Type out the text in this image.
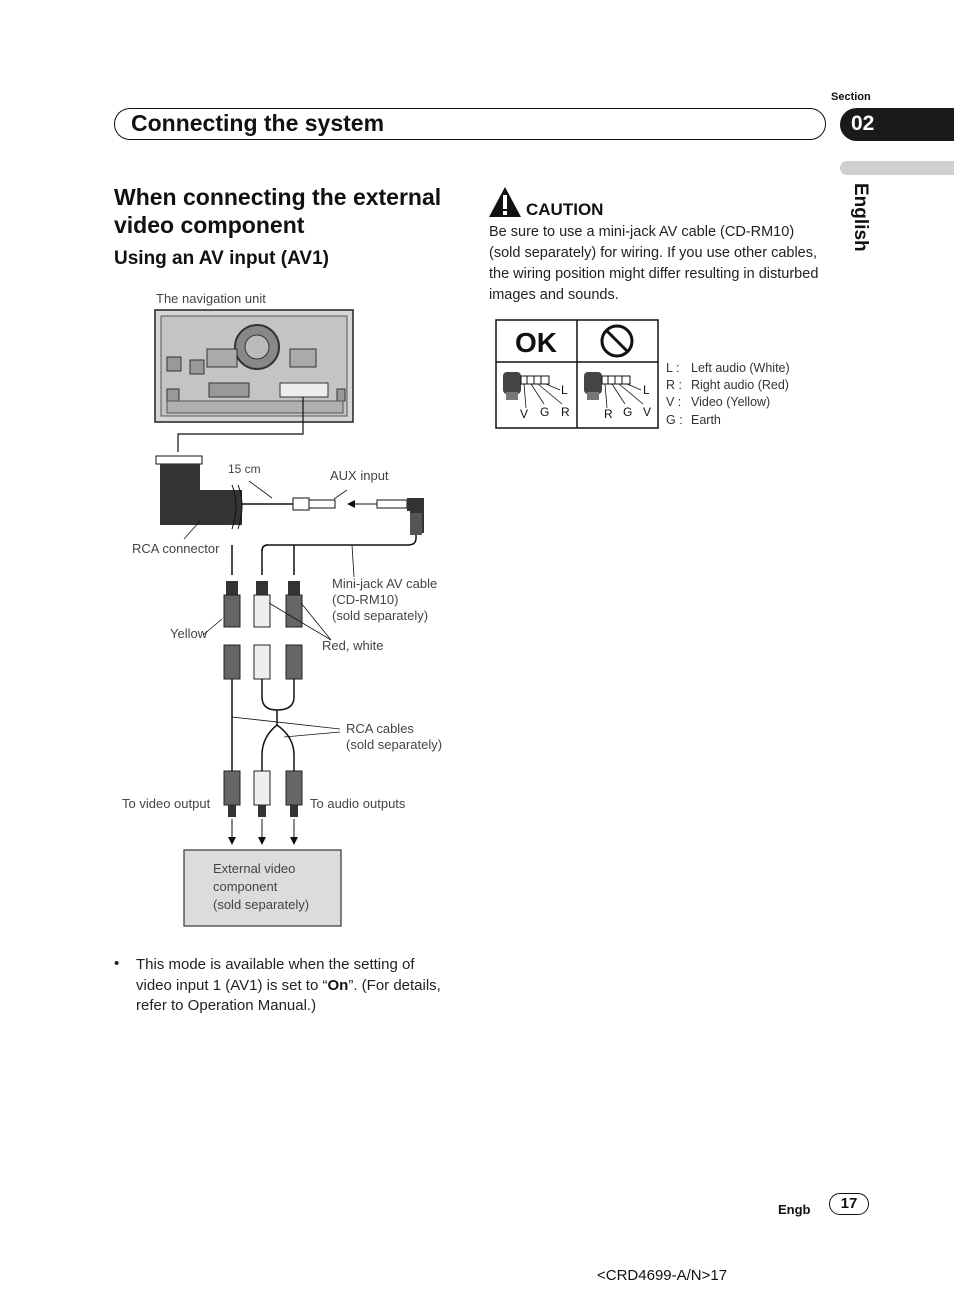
Section
Connecting the system	02
English
When connecting the external video component
Using an AV input (AV1)
CAUTION
Be sure to use a mini-jack AV cable (CD-RM10) (sold separately) for wiring. If you use other cables, the wiring position might differ resulting in disturbed images and sounds.
OK
V G R
L
R G V
L
L : Left audio (White)
R : Right audio (Red)
V : Video (Yellow)
G : Earth
The navigation unit
15 cm	AUX input
RCA connector
Mini-jack AV cable
(CD-RM10)
(sold separately)
Yellow
Red, white
RCA cables
(sold separately)
To video output	To audio outputs
External video
component
(sold separately)
• This mode is available when the setting of video input 1 (AV1) is set to “On”. (For details, refer to Operation Manual.)
Engb	17
<CRD4699-A/N>17
